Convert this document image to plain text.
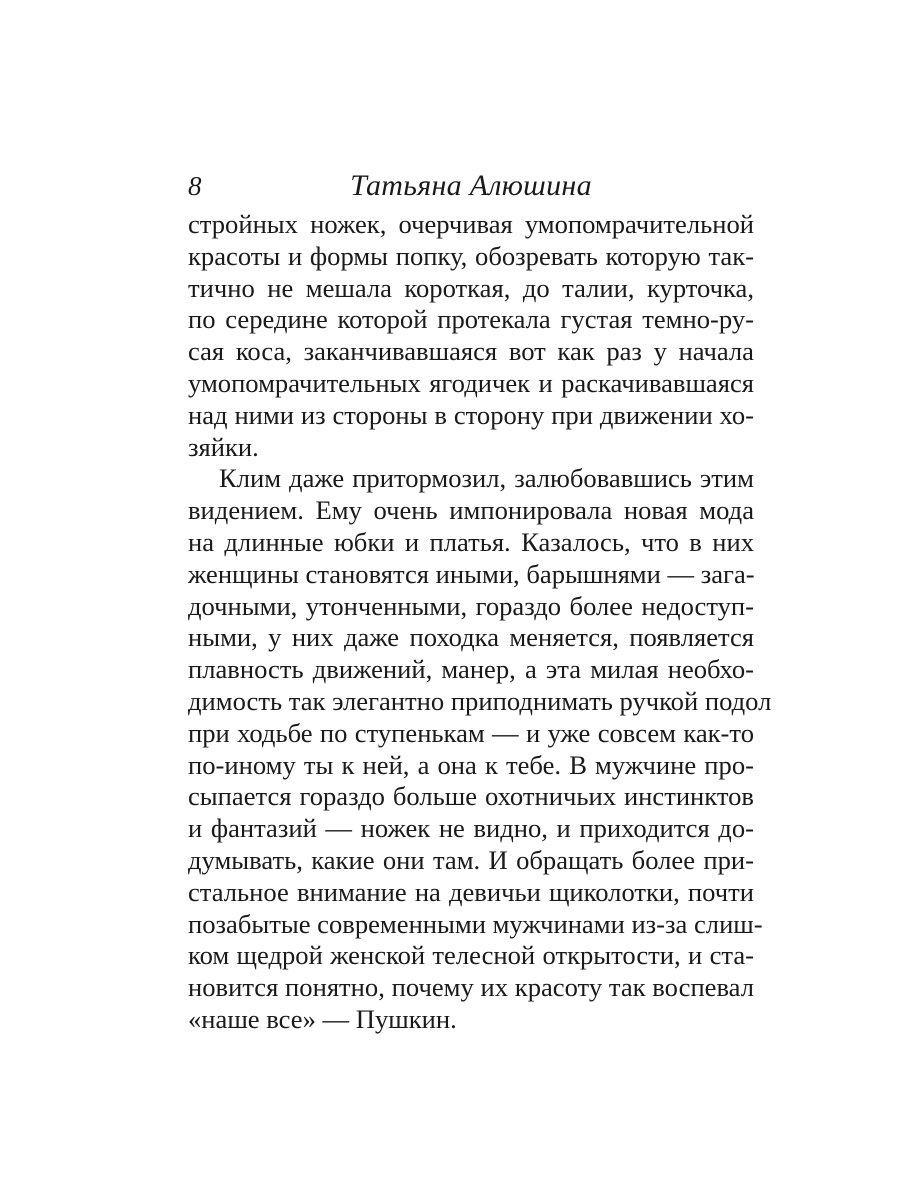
8	Татьяна Алюшина
стройных ножек, очерчивая умопомрачительной
красоты и формы попку, обозревать которую так-
тично не мешала короткая, до талии, курточка,
по середине которой протекала густая темно-ру-
сая коса, заканчивавшаяся вот как раз у начала
умопомрачительных ягодичек и раскачивавшаяся
над ними из стороны в сторону при движении хо-
зяйки.
Клим даже притормозил, залюбовавшись этим
видением. Ему очень импонировала новая мода
на длинные юбки и платья. Казалось, что в них
женщины становятся иными, барышнями — зага-
дочными, утонченными, гораздо более недоступ-
ными, у них даже походка меняется, появляется
плавность движений, манер, а эта милая необхо-
димость так элегантно приподнимать ручкой подол
при ходьбе по ступенькам — и уже совсем как-то
по-иному ты к ней, а она к тебе. В мужчине про-
сыпается гораздо больше охотничьих инстинктов
и фантазий — ножек не видно, и приходится до-
думывать, какие они там. И обращать более при-
стальное внимание на девичьи щиколотки, почти
позабытые современными мужчинами из-за слиш-
ком щедрой женской телесной открытости, и ста-
новится понятно, почему их красоту так воспевал
«наше все» — Пушкин.
